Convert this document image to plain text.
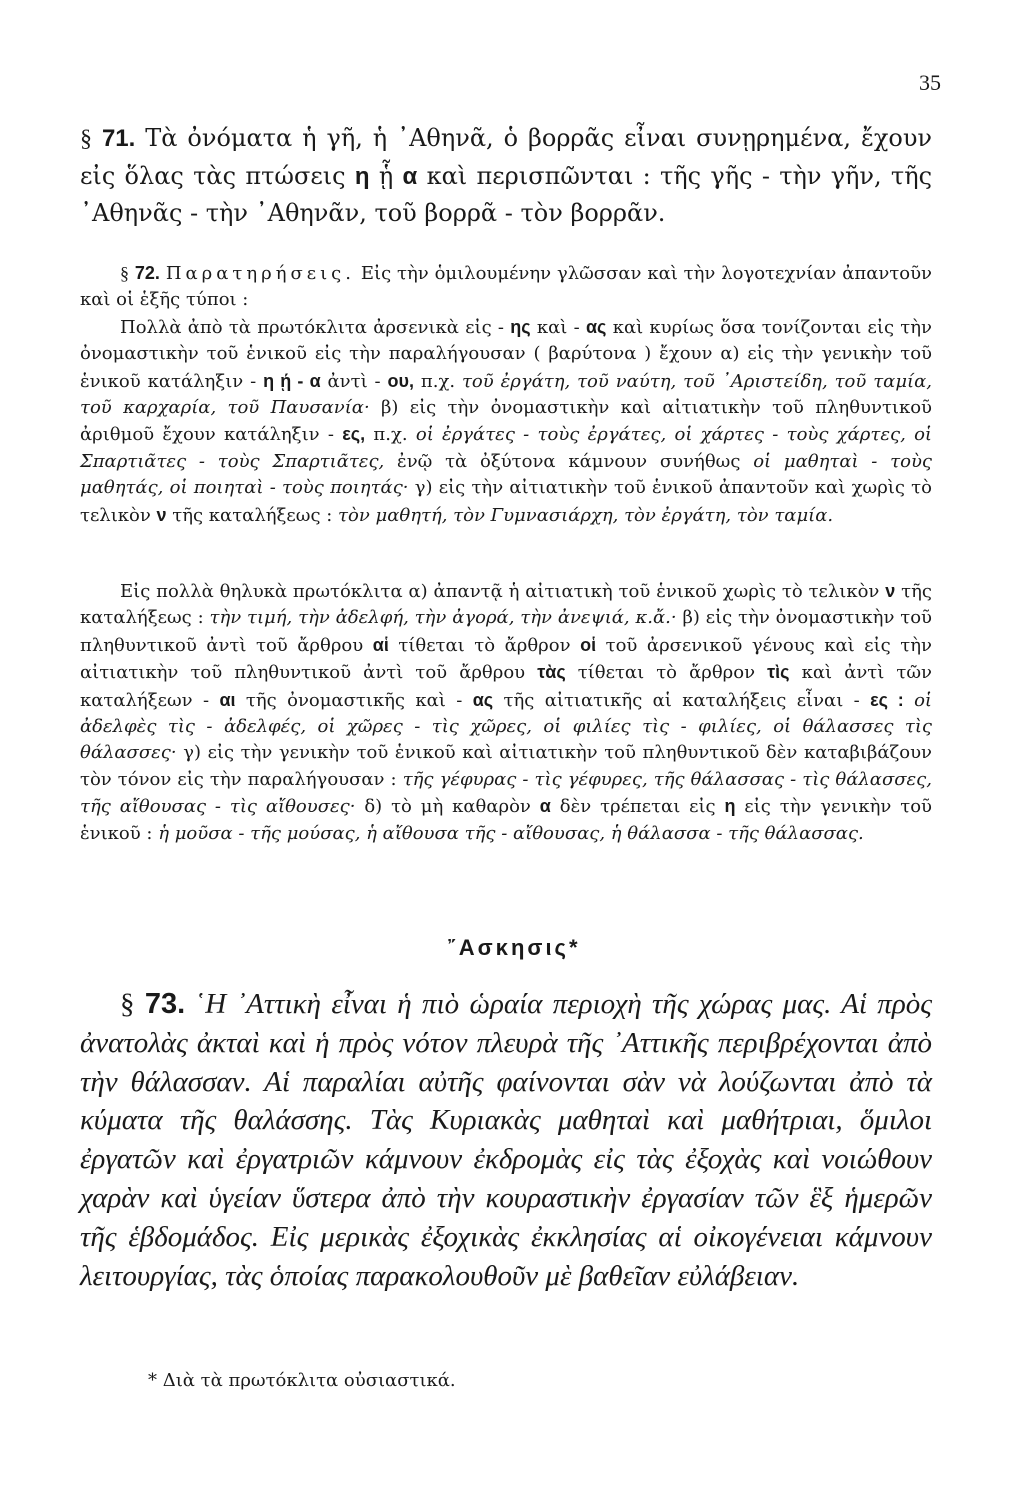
35

§ 71. Τὰ ὀνόματα ἡ γῆ, ἡ ᾿Αθηνᾶ, ὁ βορρᾶς εἶναι συνῃρημένα, ἔχουν εἰς ὅλας τὰς πτώσεις η ᾗ α καὶ περισπῶνται : τῆς γῆς - τὴν γῆν, τῆς ᾿Αθηνᾶς - τὴν ᾿Αθηνᾶν, τοῦ βορρᾶ - τὸν βορρᾶν.

§ 72. Παρατηρήσεις. Εἰς τὴν ὁμιλουμένην γλῶσσαν καὶ τὴν λογοτεχνίαν ἀπαντοῦν καὶ οἱ ἑξῆς τύποι :
Πολλὰ ἀπὸ τὰ πρωτόκλιτα ἀρσενικὰ εἰς - ης καὶ - ας καὶ κυρίως ὅσα τονίζονται εἰς τὴν ὀνομαστικὴν τοῦ ἑνικοῦ εἰς τὴν παραλήγουσαν ( βαρύτονα ) ἔχουν α) εἰς τὴν γενικὴν τοῦ ἑνικοῦ κατάληξιν - η ῄ - α ἀντὶ - ου, π.χ. τοῦ ἐργάτη, τοῦ ναύτη, τοῦ ᾿Αριστείδη, τοῦ ταμία, τοῦ καρχαρία, τοῦ Παυσανία· β) εἰς τὴν ὀνομαστικὴν καὶ αἰτιατικὴν τοῦ πληθυντικοῦ ἀριθμοῦ ἔχουν κατάληξιν - ες, π.χ. οἱ ἐργάτες - τοὺς ἐργάτες, οἱ χάρτες - τοὺς χάρτες, οἱ Σπαρτιᾶτες - τοὺς Σπαρτιᾶτες, ἐνῷ τὰ ὀξύτονα κάμνουν συνήθως οἱ μαθηταὶ - τοὺς μαθητάς, οἱ ποιηταὶ - τοὺς ποιητάς· γ) εἰς τὴν αἰτιατικὴν τοῦ ἑνικοῦ ἀπαντοῦν καὶ χωρὶς τὸ τελικὸν ν τῆς καταλήξεως : τὸν μαθητή, τὸν Γυμνασιάρχη, τὸν ἐργάτη, τὸν ταμία.

Εἰς πολλὰ θηλυκὰ πρωτόκλιτα α) ἀπαντᾷ ἡ αἰτιατικὴ τοῦ ἑνικοῦ χωρὶς τὸ τελικὸν ν τῆς καταλήξεως : τὴν τιμή, τὴν ἀδελφή, τὴν ἀγορά, τὴν ἀνεψιά, κ.ἄ.· β) εἰς τὴν ὀνομαστικὴν τοῦ πληθυντικοῦ ἀντὶ τοῦ ἄρθρου αἱ τίθεται τὸ ἄρθρον οἱ τοῦ ἀρσενικοῦ γένους καὶ εἰς τὴν αἰτιατικὴν τοῦ πληθυντικοῦ ἀντὶ τοῦ ἄρθρου τὰς τίθεται τὸ ἄρθρον τὶς καὶ ἀντὶ τῶν καταλήξεων - αι τῆς ὀνομαστικῆς καὶ - ας τῆς αἰτιατικῆς αἱ καταλήξεις εἶναι - ες : οἱ ἀδελφὲς τὶς - ἀδελφές, οἱ χῶρες - τὶς χῶρες, οἱ φιλίες τὶς - φιλίες, οἱ θάλασσες τὶς θάλασσες· γ) εἰς τὴν γενικὴν τοῦ ἑνικοῦ καὶ αἰτιατικὴν τοῦ πληθυντικοῦ δὲν καταβιβάζουν τὸν τόνον εἰς τὴν παραλήγουσαν : τῆς γέφυρας - τὶς γέφυρες, τῆς θάλασσας - τὶς θάλασσες, τῆς αἴθουσας - τὶς αἴθουσες· δ) τὸ μὴ καθαρὸν α δὲν τρέπεται εἰς η εἰς τὴν γενικὴν τοῦ ἑνικοῦ : ἡ μοῦσα - τῆς μούσας, ἡ αἴθουσα τῆς - αἴθουσας, ἡ θάλασσα - τῆς θάλασσας.

῎Ασκησις*

§ 73. ῾Η ᾿Αττικὴ εἶναι ἡ πιὸ ὡραία περιοχὴ τῆς χώρας μας. Αἱ πρὸς ἀνατολὰς ἀκταὶ καὶ ἡ πρὸς νότον πλευρὰ τῆς ᾿Αττικῆς περιβρέχονται ἀπὸ τὴν θάλασσαν. Αἱ παραλίαι αὐτῆς φαίνονται σὰν νὰ λούζωνται ἀπὸ τὰ κύματα τῆς θαλάσσης. Τὰς Κυριακὰς μαθηταὶ καὶ μαθήτριαι, ὅμιλοι ἐργατῶν καὶ ἐργατριῶν κάμνουν ἐκδρομὰς εἰς τὰς ἐξοχὰς καὶ νοιώθουν χαρὰν καὶ ὑγείαν ὕστερα ἀπὸ τὴν κουραστικὴν ἐργασίαν τῶν ἓξ ἡμερῶν τῆς ἑβδομάδος. Εἰς μερικὰς ἐξοχικὰς ἐκκλησίας αἱ οἰκογένειαι κάμνουν λειτουργίας, τὰς ὁποίας παρακολουθοῦν μὲ βαθεῖαν εὐλάβειαν.

* Διὰ τὰ πρωτόκλιτα οὐσιαστικά.
